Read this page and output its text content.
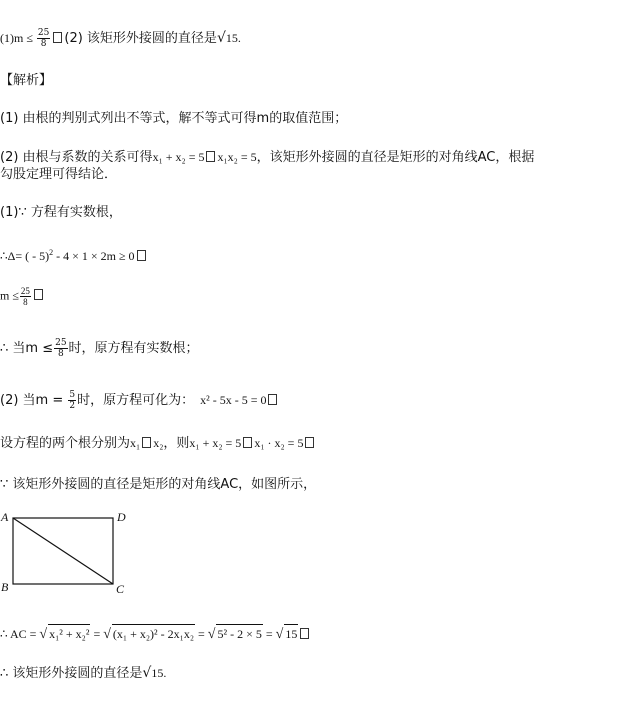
$(1)m \le \frac{25}{8} (2)$ 该矩形外接圆的直径是√15.
【解析】
(1) 由根的判别式列出不等式，解不等式可得m的取值范围；
(2) 由根与系数的关系可得x₁ + x₂ = 5 x₁x₂ = 5，该矩形外接圆的直径是矩形的对角线AC，根据
勾股定理可得结论．
(1)∵ 方程有实数根，
∴Δ= ( - 5)$^2$ - 4 × 1 × 2m ≥ 0
$m \le \frac{25}{8}$
∴ 当$m \le \frac{25}{8}$ 时，原方程有实数根；
(2) 当$m = \frac{5}{2}$ 时，原方程可化为： x² - 5x - 5 = 0
设方程的两个根分别为x₁ x₂，则x₁ + x₂ = 5 x₁ · x₂ = 5
∵ 该矩形外接圆的直径是矩形的对角线AC，如图所示，
A	D
B	C
∴ AC = √ x₁² + x₂² = √ (x₁ + x₂)² - 2x₁x₂ = √ 5² - 2 × 5 = √ 15
∴ 该矩形外接圆的直径是√15.
